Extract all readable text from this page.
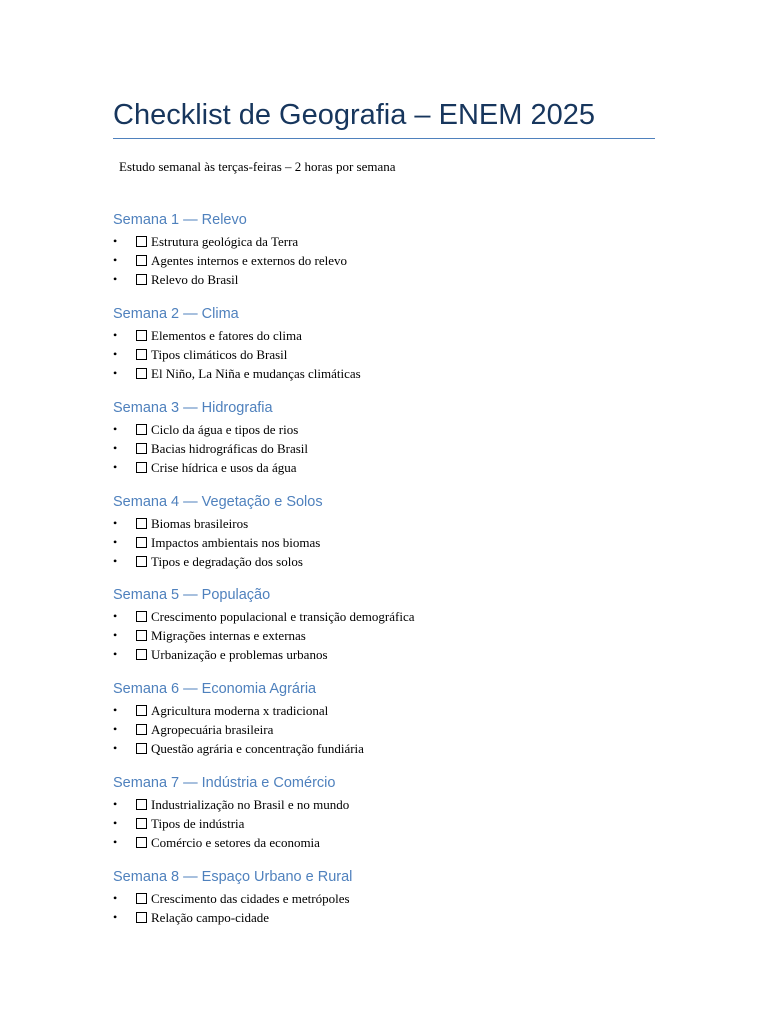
Checklist de Geografia – ENEM 2025

Estudo semanal às terças-feiras – 2 horas por semana

Semana 1 — Relevo
•	Estrutura geológica da Terra
•	Agentes internos e externos do relevo
•	Relevo do Brasil
Semana 2 — Clima
•	Elementos e fatores do clima
•	Tipos climáticos do Brasil
•	El Niño, La Niña e mudanças climáticas
Semana 3 — Hidrografia
•	Ciclo da água e tipos de rios
•	Bacias hidrográficas do Brasil
•	Crise hídrica e usos da água
Semana 4 — Vegetação e Solos
•	Biomas brasileiros
•	Impactos ambientais nos biomas
•	Tipos e degradação dos solos
Semana 5 — População
•	Crescimento populacional e transição demográfica
•	Migrações internas e externas
•	Urbanização e problemas urbanos
Semana 6 — Economia Agrária
•	Agricultura moderna x tradicional
•	Agropecuária brasileira
•	Questão agrária e concentração fundiária
Semana 7 — Indústria e Comércio
•	Industrialização no Brasil e no mundo
•	Tipos de indústria
•	Comércio e setores da economia
Semana 8 — Espaço Urbano e Rural
•	Crescimento das cidades e metrópoles
•	Relação campo-cidade
